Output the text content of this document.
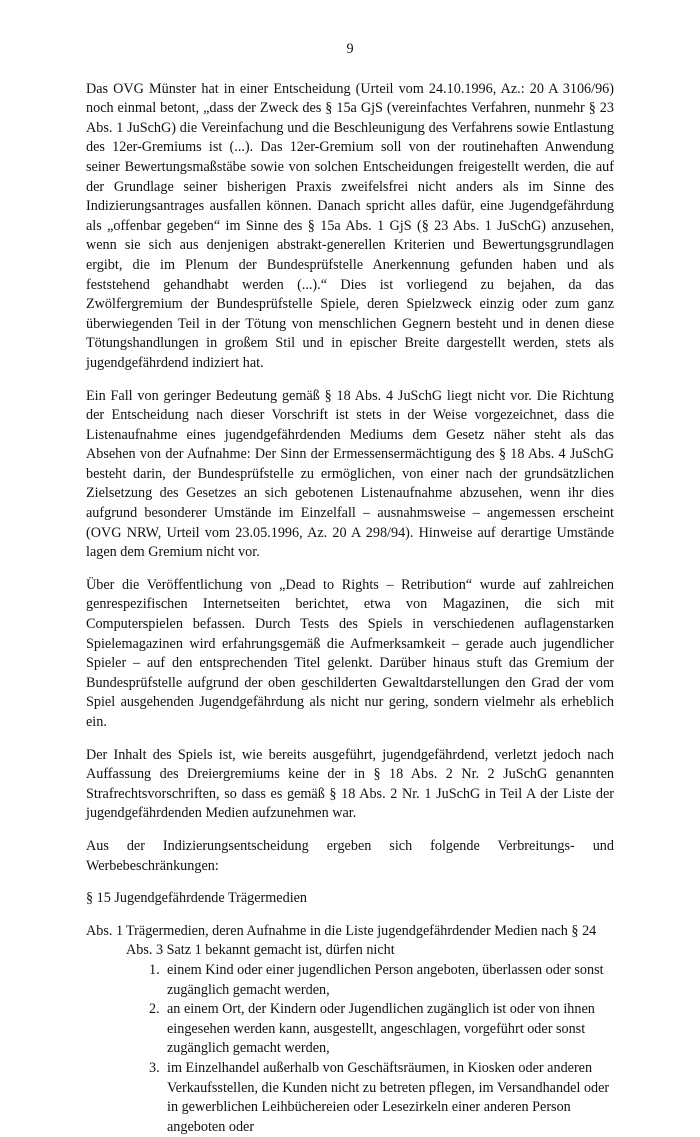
9

Das OVG Münster hat in einer Entscheidung (Urteil vom 24.10.1996, Az.: 20 A 3106/96) noch einmal betont, „dass der Zweck des § 15a GjS (vereinfachtes Verfahren, nunmehr § 23 Abs. 1 JuSchG) die Vereinfachung und die Beschleunigung des Verfahrens sowie Entlastung des 12er-Gremiums ist (...). Das 12er-Gremium soll von der routinehaften Anwendung seiner Bewertungsmaßstäbe sowie von solchen Entscheidungen freigestellt werden, die auf der Grundlage seiner bisherigen Praxis zweifelsfrei nicht anders als im Sinne des Indizierungsantrages ausfallen können. Danach spricht alles dafür, eine Jugendgefährdung als „offenbar gegeben“ im Sinne des § 15a Abs. 1 GjS (§ 23 Abs. 1 JuSchG) anzusehen, wenn sie sich aus denjenigen abstrakt-generellen Kriterien und Bewertungsgrundlagen ergibt, die im Plenum der Bundesprüfstelle Anerkennung gefunden haben und als feststehend gehandhabt werden (...).“ Dies ist vorliegend zu bejahen, da das Zwölfergremium der Bundesprüfstelle Spiele, deren Spielzweck einzig oder zum ganz überwiegenden Teil in der Tötung von menschlichen Gegnern besteht und in denen diese Tötungshandlungen in großem Stil und in epischer Breite dargestellt werden, stets als jugendgefährdend indiziert hat.

Ein Fall von geringer Bedeutung gemäß § 18 Abs. 4 JuSchG liegt nicht vor. Die Richtung der Entscheidung nach dieser Vorschrift ist stets in der Weise vorgezeichnet, dass die Listenaufnahme eines jugendgefährdenden Mediums dem Gesetz näher steht als das Absehen von der Aufnahme: Der Sinn der Ermessensermächtigung des § 18 Abs. 4 JuSchG besteht darin, der Bundesprüfstelle zu ermöglichen, von einer nach der grundsätzlichen Zielsetzung des Gesetzes an sich gebotenen Listenaufnahme abzusehen, wenn ihr dies aufgrund besonderer Umstände im Einzelfall – ausnahmsweise – angemessen erscheint (OVG NRW, Urteil vom 23.05.1996, Az. 20 A 298/94). Hinweise auf derartige Umstände lagen dem Gremium nicht vor.

Über die Veröffentlichung von „Dead to Rights – Retribution“ wurde auf zahlreichen genrespezifischen Internetseiten berichtet, etwa von Magazinen, die sich mit Computerspielen befassen. Durch Tests des Spiels in verschiedenen auflagenstarken Spielemagazinen wird erfahrungsgemäß die Aufmerksamkeit – gerade auch jugendlicher Spieler – auf den entsprechenden Titel gelenkt. Darüber hinaus stuft das Gremium der Bundesprüfstelle aufgrund der oben geschilderten Gewaltdarstellungen den Grad der vom Spiel ausgehenden Jugendgefährdung als nicht nur gering, sondern vielmehr als erheblich ein.

Der Inhalt des Spiels ist, wie bereits ausgeführt, jugendgefährdend, verletzt jedoch nach Auffassung des Dreiergremiums keine der in § 18 Abs. 2 Nr. 2 JuSchG genannten Strafrechtsvorschriften, so dass es gemäß § 18 Abs. 2 Nr. 1 JuSchG in Teil A der Liste der jugendgefährdenden Medien aufzunehmen war.

Aus der Indizierungsentscheidung ergeben sich folgende Verbreitungs- und Werbebeschränkungen:

§ 15 Jugendgefährdende Trägermedien
Abs. 1 Trägermedien, deren Aufnahme in die Liste jugendgefährdender Medien nach § 24 Abs. 3 Satz 1 bekannt gemacht ist, dürfen nicht
1. einem Kind oder einer jugendlichen Person angeboten, überlassen oder sonst zugänglich gemacht werden,
2. an einem Ort, der Kindern oder Jugendlichen zugänglich ist oder von ihnen eingesehen werden kann, ausgestellt, angeschlagen, vorgeführt oder sonst zugänglich gemacht werden,
3. im Einzelhandel außerhalb von Geschäftsräumen, in Kiosken oder anderen Verkaufsstellen, die Kunden nicht zu betreten pflegen, im Versandhandel oder in gewerblichen Leihbüchereien oder Lesezirkeln einer anderen Person angeboten oder
